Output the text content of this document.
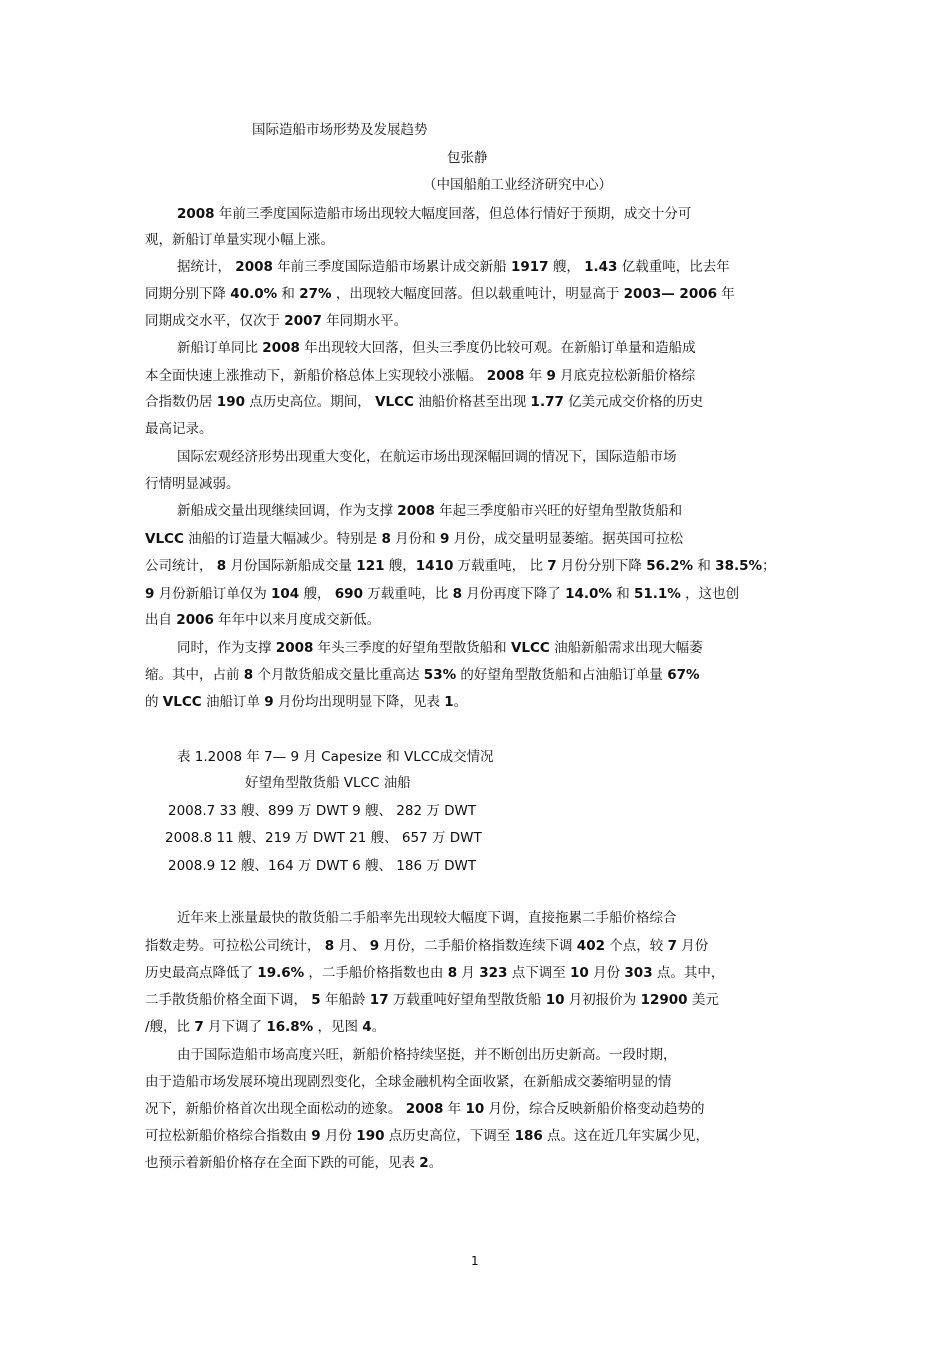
国际造船市场形势及发展趋势

包张静

（中国船舶工业经济研究中心）

2008 年前三季度国际造船市场出现较大幅度回落，但总体行情好于预期，成交十分可

观，新船订单量实现小幅上涨。

据统计， 2008 年前三季度国际造船市场累计成交新船 1917 艘， 1.43 亿载重吨，比去年

同期分别下降 40.0% 和 27% ，出现较大幅度回落。但以载重吨计，明显高于 2003— 2006 年

同期成交水平，仅次于 2007 年同期水平。

新船订单同比 2008 年出现较大回落，但头三季度仍比较可观。在新船订单量和造船成

本全面快速上涨推动下，新船价格总体上实现较小涨幅。 2008 年 9 月底克拉松新船价格综

合指数仍居 190 点历史高位。期间， VLCC 油船价格甚至出现 1.77 亿美元成交价格的历史

最高记录。

国际宏观经济形势出现重大变化，在航运市场出现深幅回调的情况下，国际造船市场

行情明显减弱。

新船成交量出现继续回调，作为支撑 2008 年起三季度船市兴旺的好望角型散货船和

VLCC 油船的订造量大幅减少。特别是 8 月份和 9 月份，成交量明显萎缩。据英国可拉松

公司统计， 8 月份国际新船成交量 121 艘，1410 万载重吨， 比 7 月份分别下降 56.2% 和 38.5%；

9 月份新船订单仅为 104 艘， 690 万载重吨，比 8 月份再度下降了 14.0% 和 51.1% ，这也创

出自 2006 年年中以来月度成交新低。

同时，作为支撑 2008 年头三季度的好望角型散货船和 VLCC 油船新船需求出现大幅萎

缩。其中，占前 8 个月散货船成交量比重高达 53% 的好望角型散货船和占油船订单量 67%

的 VLCC 油船订单 9 月份均出现明显下降，见表 1。

表 1.2008 年 7— 9 月 Capesize 和 VLCC成交情况

好望角型散货船 VLCC 油船

2008.7 33 艘、899 万 DWT 9 艘、 282 万 DWT

2008.8 11 艘、219 万 DWT 21 艘、 657 万 DWT

2008.9 12 艘、164 万 DWT 6 艘、 186 万 DWT

近年来上涨量最快的散货船二手船率先出现较大幅度下调，直接拖累二手船价格综合

指数走势。可拉松公司统计， 8 月、 9 月份，二手船价格指数连续下调 402 个点，较 7 月份

历史最高点降低了 19.6% ，二手船价格指数也由 8 月 323 点下调至 10 月份 303 点。其中，

二手散货船价格全面下调， 5 年船龄 17 万载重吨好望角型散货船 10 月初报价为 12900 美元

/艘，比 7 月下调了 16.8% ，见图 4。

由于国际造船市场高度兴旺，新船价格持续坚挺，并不断创出历史新高。一段时期，

由于造船市场发展环境出现剧烈变化，全球金融机构全面收紧，在新船成交萎缩明显的情

况下，新船价格首次出现全面松动的迹象。 2008 年 10 月份，综合反映新船价格变动趋势的

可拉松新船价格综合指数由 9 月份 190 点历史高位，下调至 186 点。这在近几年实属少见，

也预示着新船价格存在全面下跌的可能，见表 2。

1
